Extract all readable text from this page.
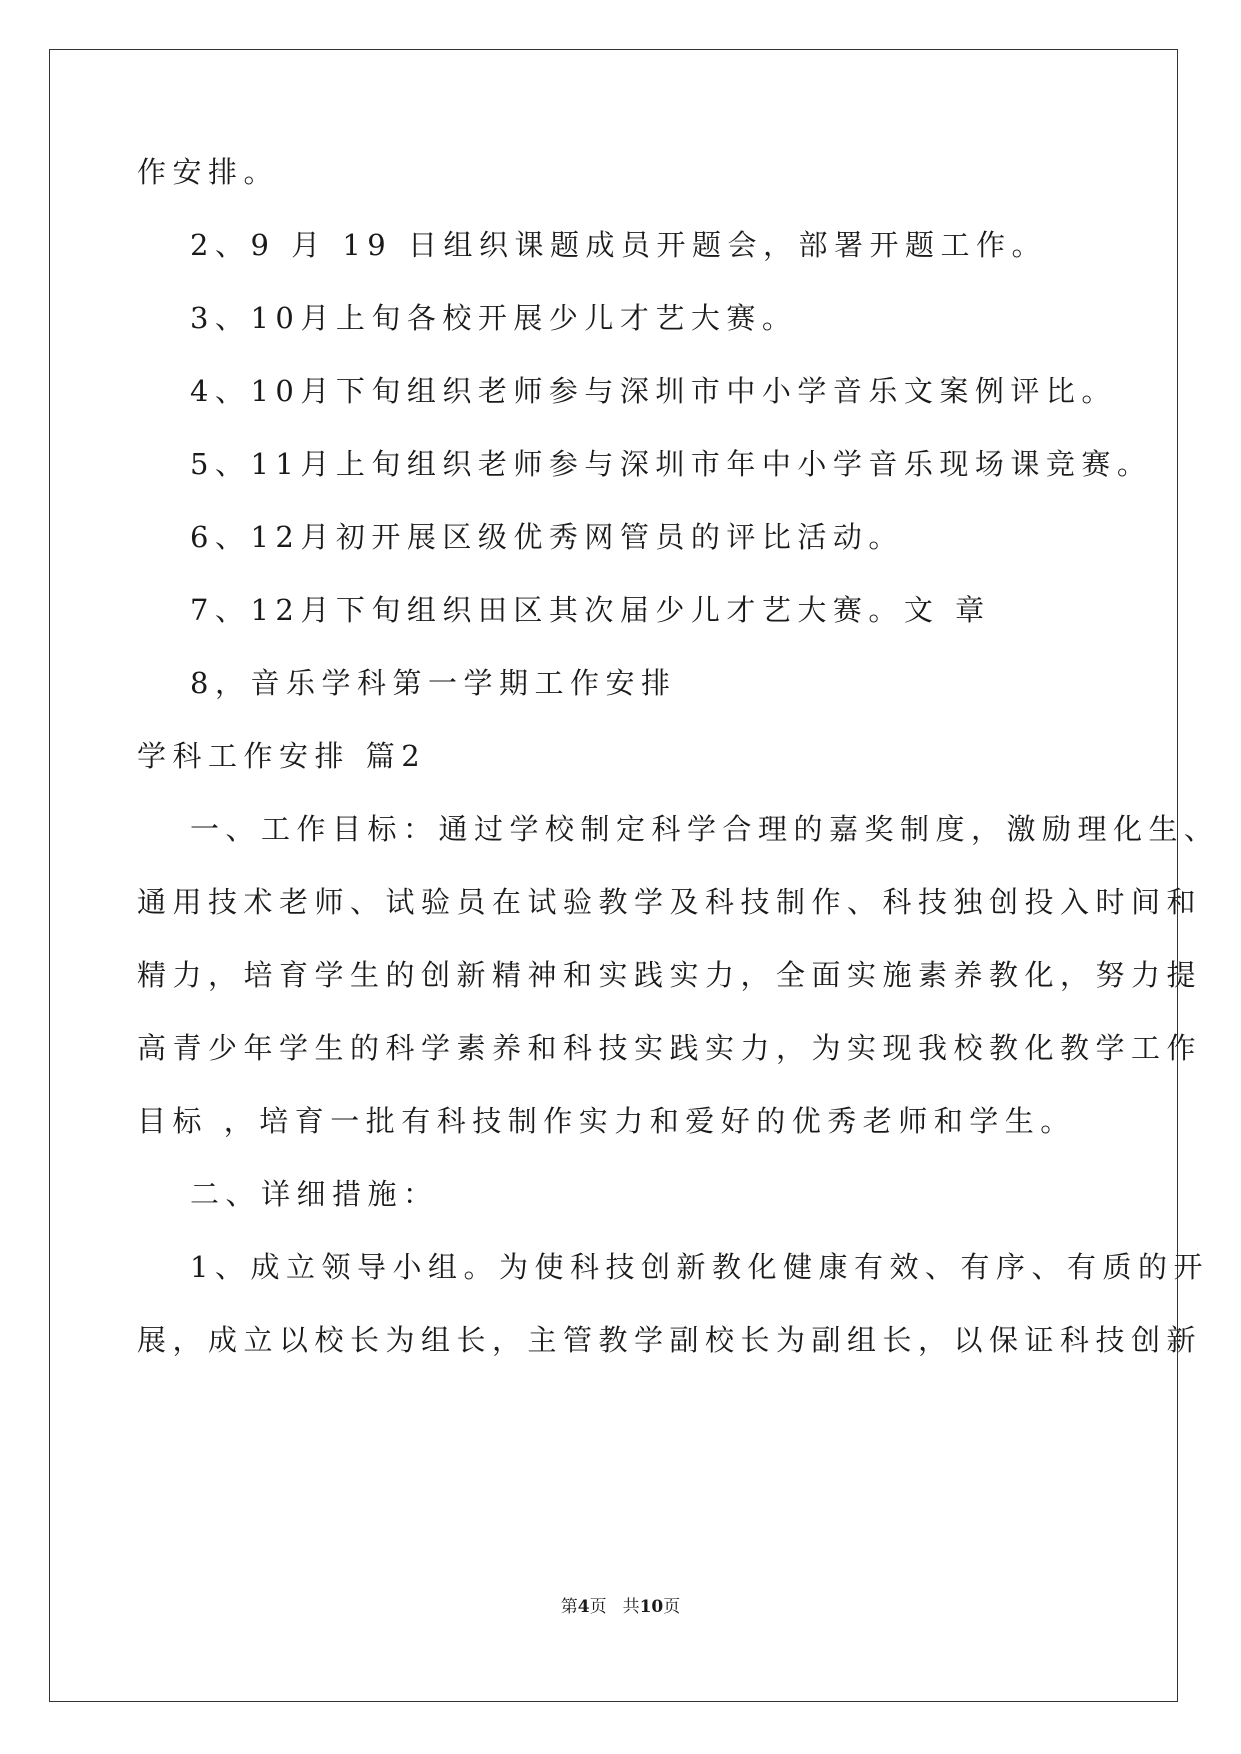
作安排。

2、9 月 19 日组织课题成员开题会，部署开题工作。

3、10月上旬各校开展少儿才艺大赛。

4、10月下旬组织老师参与深圳市中小学音乐文案例评比。

5、11月上旬组织老师参与深圳市年中小学音乐现场课竞赛。

6、12月初开展区级优秀网管员的评比活动。

7、12月下旬组织田区其次届少儿才艺大赛。文 章

8，音乐学科第一学期工作安排

学科工作安排 篇2

一、工作目标：通过学校制定科学合理的嘉奖制度，激励理化生、

通用技术老师、试验员在试验教学及科技制作、科技独创投入时间和

精力，培育学生的创新精神和实践实力，全面实施素养教化，努力提

高青少年学生的科学素养和科技实践实力，为实现我校教化教学工作

目标 ，培育一批有科技制作实力和爱好的优秀老师和学生。

二、详细措施：

1、成立领导小组。为使科技创新教化健康有效、有序、有质的开

展，成立以校长为组长，主管教学副校长为副组长，以保证科技创新

第4页 共10页
